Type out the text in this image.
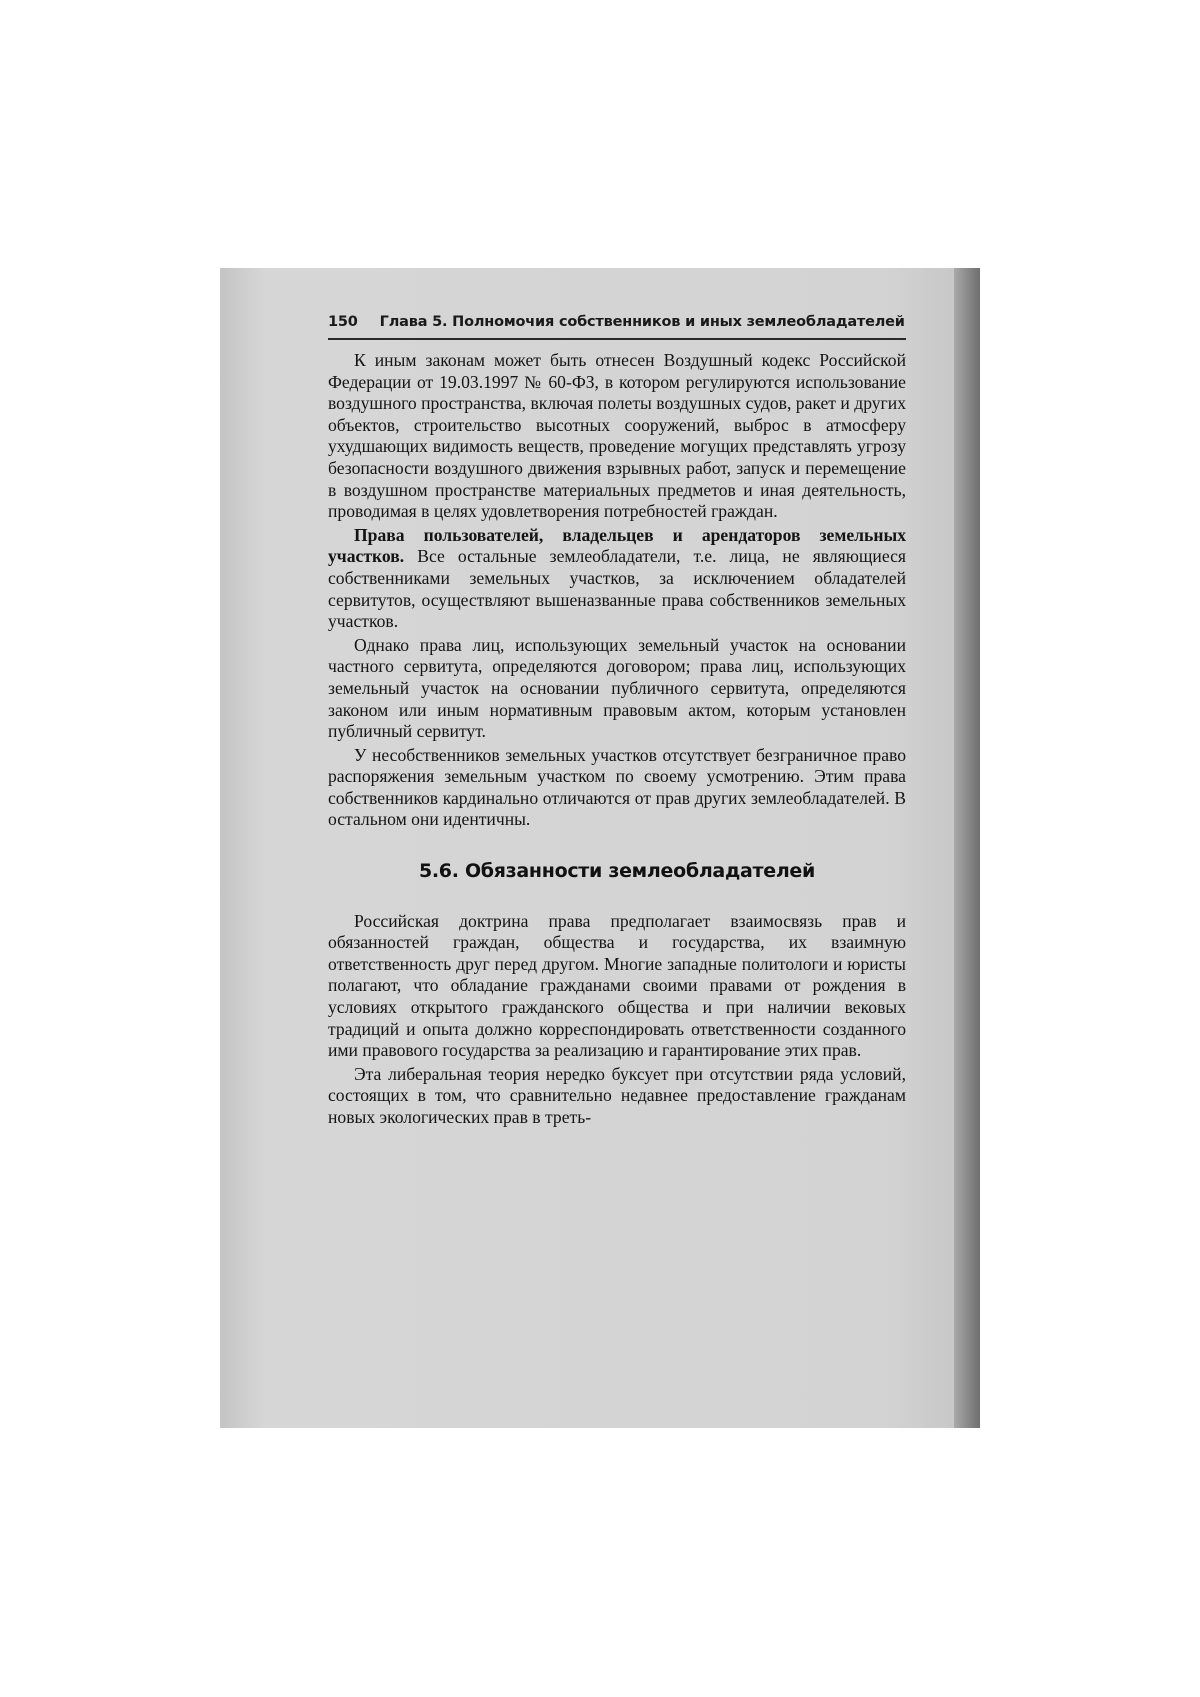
150 Глава 5. Полномочия собственников и иных землеобладателей

К иным законам может быть отнесен Воздушный кодекс Российской Федерации от 19.03.1997 № 60-ФЗ, в котором регулируются использование воздушного пространства, включая полеты воздушных судов, ракет и других объектов, строительство высотных сооружений, выброс в атмосферу ухудшающих видимость веществ, проведение могущих представлять угрозу безопасности воздушного движения взрывных работ, запуск и перемещение в воздушном пространстве материальных предметов и иная деятельность, проводимая в целях удовлетворения потребностей граждан.

Права пользователей, владельцев и арендаторов земельных участков. Все остальные землеобладатели, т.е. лица, не являющиеся собственниками земельных участков, за исключением обладателей сервитутов, осуществляют вышеназванные права собственников земельных участков.

Однако права лиц, использующих земельный участок на основании частного сервитута, определяются договором; права лиц, использующих земельный участок на основании публичного сервитута, определяются законом или иным нормативным правовым актом, которым установлен публичный сервитут.

У несобственников земельных участков отсутствует безграничное право распоряжения земельным участком по своему усмотрению. Этим права собственников кардинально отличаются от прав других землеобладателей. В остальном они идентичны.

5.6. Обязанности землеобладателей

Российская доктрина права предполагает взаимосвязь прав и обязанностей граждан, общества и государства, их взаимную ответственность друг перед другом. Многие западные политологи и юристы полагают, что обладание гражданами своими правами от рождения в условиях открытого гражданского общества и при наличии вековых традиций и опыта должно корреспондировать ответственности созданного ими правового государства за реализацию и гарантирование этих прав.

Эта либеральная теория нередко буксует при отсутствии ряда условий, состоящих в том, что сравнительно недавнее предоставление гражданам новых экологических прав в треть-
